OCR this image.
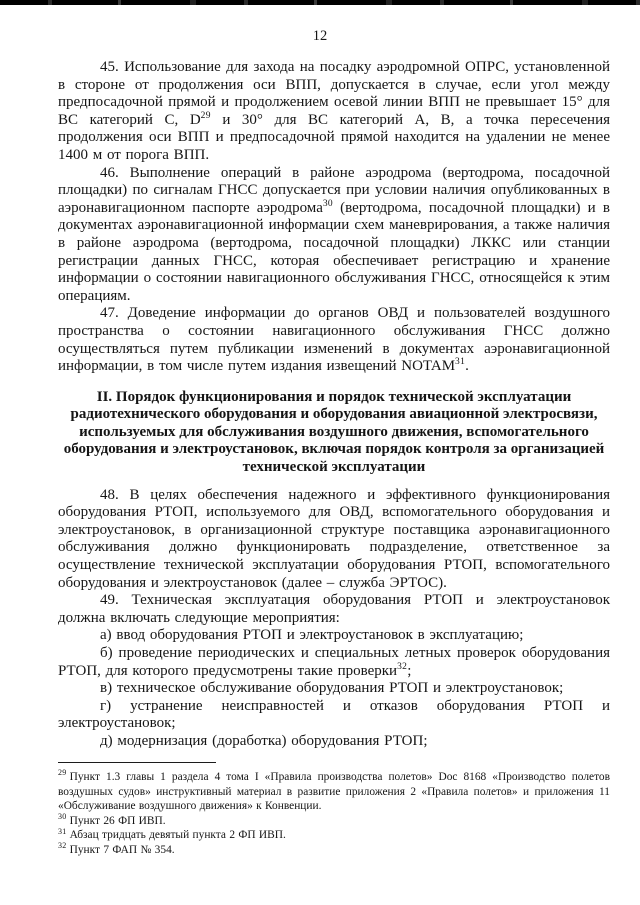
12

45. Использование для захода на посадку аэродромной ОПРС, установленной в стороне от продолжения оси ВПП, допускается в случае, если угол между предпосадочной прямой и продолжением осевой линии ВПП не превышает 15° для ВС категорий C, D$^{29}$ и 30° для ВС категорий A, B, а точка пересечения продолжения оси ВПП и предпосадочной прямой находится на удалении не менее 1400 м от порога ВПП.

46. Выполнение операций в районе аэродрома (вертодрома, посадочной площадки) по сигналам ГНСС допускается при условии наличия опубликованных в аэронавигационном паспорте аэродрома$^{30}$ (вертодрома, посадочной площадки) и в документах аэронавигационной информации схем маневрирования, а также наличия в районе аэродрома (вертодрома, посадочной площадки) ЛККС или станции регистрации данных ГНСС, которая обеспечивает регистрацию и хранение информации о состоянии навигационного обслуживания ГНСС, относящейся к этим операциям.

47. Доведение информации до органов ОВД и пользователей воздушного пространства о состоянии навигационного обслуживания ГНСС должно осуществляться путем публикации изменений в документах аэронавигационной информации, в том числе путем издания извещений NOTAM$^{31}$.

II. Порядок функционирования и порядок технической эксплуатации радиотехнического оборудования и оборудования авиационной электросвязи, используемых для обслуживания воздушного движения, вспомогательного оборудования и электроустановок, включая порядок контроля за организацией технической эксплуатации

48. В целях обеспечения надежного и эффективного функционирования оборудования РТОП, используемого для ОВД, вспомогательного оборудования и электроустановок, в организационной структуре поставщика аэронавигационного обслуживания должно функционировать подразделение, ответственное за осуществление технической эксплуатации оборудования РТОП, вспомогательного оборудования и электроустановок (далее – служба ЭРТОС).

49. Техническая эксплуатация оборудования РТОП и электроустановок должна включать следующие мероприятия:

а) ввод оборудования РТОП и электроустановок в эксплуатацию;

б) проведение периодических и специальных летных проверок оборудования РТОП, для которого предусмотрены такие проверки$^{32}$;

в) техническое обслуживание оборудования РТОП и электроустановок;

г) устранение неисправностей и отказов оборудования РТОП и электроустановок;

д) модернизация (доработка) оборудования РТОП;

$^{29}$ Пункт 1.3 главы 1 раздела 4 тома I «Правила производства полетов» Doc 8168 «Производство полетов воздушных судов» инструктивный материал в развитие приложения 2 «Правила полетов» и приложения 11 «Обслуживание воздушного движения» к Конвенции.

$^{30}$ Пункт 26 ФП ИВП.

$^{31}$ Абзац тридцать девятый пункта 2 ФП ИВП.

$^{32}$ Пункт 7 ФАП № 354.
